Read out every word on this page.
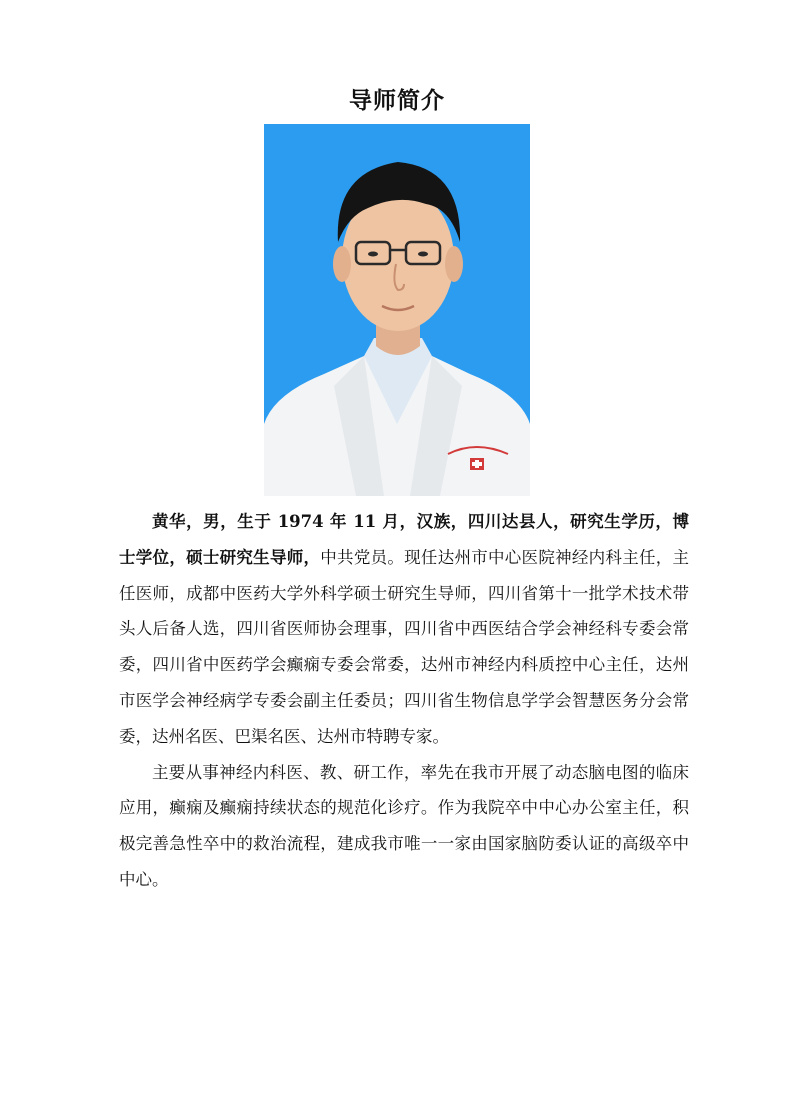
导师简介

黄华，男，生于 1974 年 11 月，汉族，四川达县人，研究生学历，博士学位，硕士研究生导师，中共党员。现任达州市中心医院神经内科主任，主任医师，成都中医药大学外科学硕士研究生导师，四川省第十一批学术技术带头人后备人选，四川省医师协会理事，四川省中西医结合学会神经科专委会常委，四川省中医药学会癫痫专委会常委，达州市神经内科质控中心主任，达州市医学会神经病学专委会副主任委员；四川省生物信息学学会智慧医务分会常委，达州名医、巴渠名医、达州市特聘专家。

主要从事神经内科医、教、研工作，率先在我市开展了动态脑电图的临床应用，癫痫及癫痫持续状态的规范化诊疗。作为我院卒中中心办公室主任，积极完善急性卒中的救治流程，建成我市唯一一家由国家脑防委认证的高级卒中中心。
